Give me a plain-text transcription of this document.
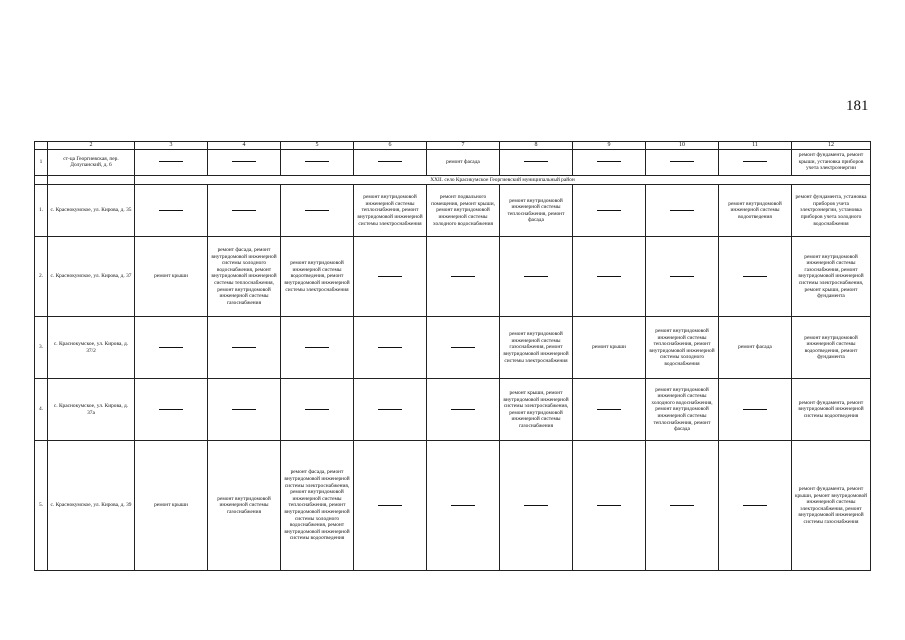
181
	2	3	4	5	6	7	8	9	10	11	12
1	ст-ца Георгиевская, пер. Долупанский, д. 6					ремонт фасада					ремонт фундамента, ремонт крыши, установка приборов учета электроэнергии
		XXII. село Красикумское Георгиевский муниципальный район									
1.	с. Краснокумское, ул. Кирова, д. 35				ремонт внутридомовой инженерной системы теплоснабжения, ремонт внутридомовой инженерной системы электроснабжения	ремонт подвального помещения, ремонт крыши, ремонт внутридомовой инженерной системы холодного водоснабжения	ремонт внутридомовой инженерной системы теплоснабжения, ремонт фасада			ремонт внутридомовой инженерной системы водоотведения	ремонт фундамента, установка приборов учета электроэнергии, установка приборов учета холодного водоснабжения
2.	с. Краснокумское, ул. Кирова, д. 37	ремонт крыши	ремонт фасада, ремонт внутридомовой инженерной системы холодного водоснабжения, ремонт внутридомовой инженерной системы теплоснабжения, ремонт внутридомовой инженерной системы газоснабжения	ремонт внутридомовой инженерной системы водоотведения, ремонт внутридомовой инженерной системы электроснабжения							ремонт внутридомовой инженерной системы газоснабжения, ремонт внутридомовой инженерной системы электроснабжения, ремонт крыши, ремонт фундамента
3.	с. Краснокумское, ул. Кирова, д. 37/2						ремонт внутридомовой инженерной системы газоснабжения, ремонт внутридомовой инженерной системы электроснабжения	ремонт крыши	ремонт внутридомовой инженерной системы теплоснабжения, ремонт внутридомовой инженерной системы холодного водоснабжения	ремонт фасада	ремонт внутридомовой инженерной системы водоотведения, ремонт фундамента
4.	с. Краснокумское, ул. Кирова, д. 37а						ремонт крыши, ремонт внутридомовой инженерной системы электроснабжения, ремонт внутридомовой инженерной системы газоснабжения		ремонт внутридомовой инженерной системы холодного водоснабжения, ремонт внутридомовой инженерной системы теплоснабжения, ремонт фасада		ремонт фундамента, ремонт внутридомовой инженерной системы водоотведения
5.	с. Краснокумское, ул. Кирова, д. 39	ремонт крыши	ремонт внутридомовой инженерной системы газоснабжения	ремонт фасада, ремонт внутридомовой инженерной системы электроснабжения, ремонт внутридомовой инженерной системы теплоснабжения, ремонт внутридомовой инженерной системы холодного водоснабжения, ремонт внутридомовой инженерной системы водоотведения							ремонт фундамента, ремонт крыши, ремонт внутридомовой инженерной системы электроснабжения, ремонт внутридомовой инженерной системы газоснабжения
